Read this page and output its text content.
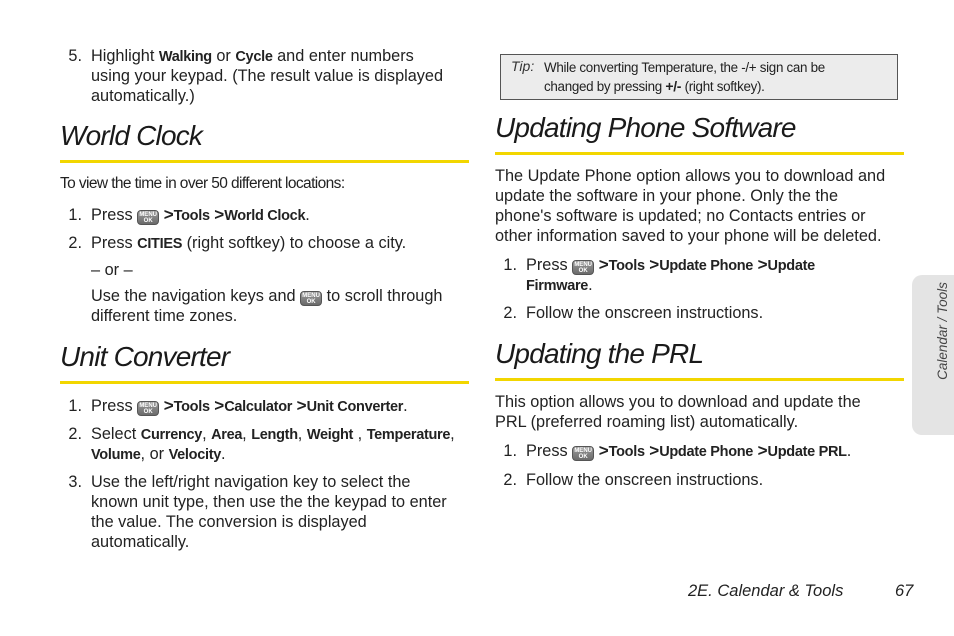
5. Highlight Walking or Cycle and enter numbers
using your keypad. (The result value is displayed
automatically.)
World Clock
To view the time in over 50 different locations:
1. Press MENU
OK >Tools >World Clock.
2. Press CITIES (right softkey) to choose a city.
– or –
Use the navigation keys and MENU
OK to scroll through
different time zones.
Unit Converter
1. Press MENU
OK >Tools >Calculator >Unit Converter.
2. Select Currency, Area, Length, Weight , Temperature,
Volume, or Velocity.
3. Use the left/right navigation key to select the
known unit type, then use the the keypad to enter
the value. The conversion is displayed
automatically.
Tip: While converting Temperature, the -/+ sign can be
changed by pressing +/- (right softkey).
Updating Phone Software
The Update Phone option allows you to download and
update the software in your phone. Only the the
phone's software is updated; no Contacts entries or
other information saved to your phone will be deleted.
1. Press MENU
OK >Tools >Update Phone >Update
Firmware.
2. Follow the onscreen instructions.
Updating the PRL
This option allows you to download and update the
PRL (preferred roaming list) automatically.
1. Press MENU
OK >Tools >Update Phone >Update PRL.
2. Follow the onscreen instructions.
Calendar / Tools
2E. Calendar & Tools	67
